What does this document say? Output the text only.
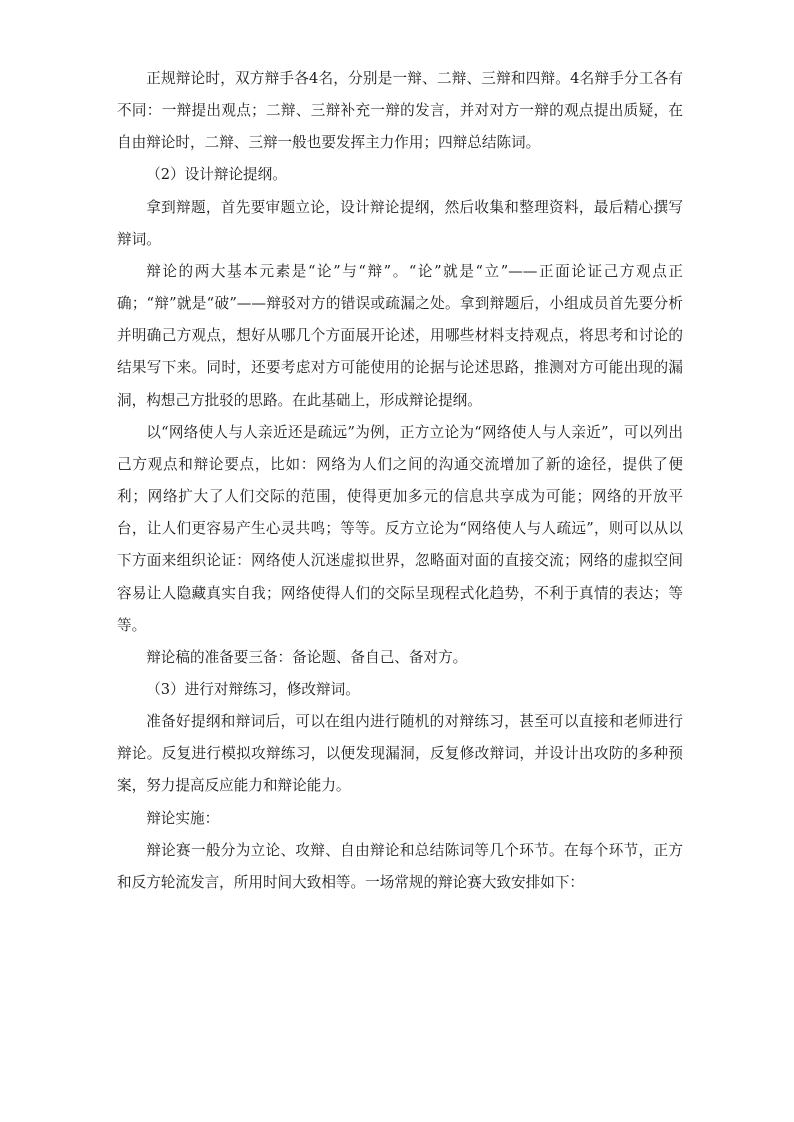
正规辩论时，双方辩手各4名，分别是一辩、二辩、三辩和四辩。4名辩手分工各有不同：一辩提出观点；二辩、三辩补充一辩的发言，并对对方一辩的观点提出质疑，在自由辩论时，二辩、三辩一般也要发挥主力作用；四辩总结陈词。

（2）设计辩论提纲。

拿到辩题，首先要审题立论，设计辩论提纲，然后收集和整理资料，最后精心撰写辩词。

辩论的两大基本元素是“论”与“辩”。“论”就是“立”——正面论证己方观点正确；“辩”就是“破”——辩驳对方的错误或疏漏之处。拿到辩题后，小组成员首先要分析并明确己方观点，想好从哪几个方面展开论述，用哪些材料支持观点，将思考和讨论的结果写下来。同时，还要考虑对方可能使用的论据与论述思路，推测对方可能出现的漏洞，构想己方批驳的思路。在此基础上，形成辩论提纲。

以“网络使人与人亲近还是疏远”为例，正方立论为“网络使人与人亲近”，可以列出己方观点和辩论要点，比如：网络为人们之间的沟通交流增加了新的途径，提供了便利；网络扩大了人们交际的范围，使得更加多元的信息共享成为可能；网络的开放平台，让人们更容易产生心灵共鸣；等等。反方立论为“网络使人与人疏远”，则可以从以下方面来组织论证：网络使人沉迷虚拟世界，忽略面对面的直接交流；网络的虚拟空间容易让人隐藏真实自我；网络使得人们的交际呈现程式化趋势，不利于真情的表达；等等。

辩论稿的准备要三备：备论题、备自己、备对方。

（3）进行对辩练习，修改辩词。

准备好提纲和辩词后，可以在组内进行随机的对辩练习，甚至可以直接和老师进行辩论。反复进行模拟攻辩练习，以便发现漏洞，反复修改辩词，并设计出攻防的多种预案，努力提高反应能力和辩论能力。

辩论实施：

辩论赛一般分为立论、攻辩、自由辩论和总结陈词等几个环节。在每个环节，正方和反方轮流发言，所用时间大致相等。一场常规的辩论赛大致安排如下：
